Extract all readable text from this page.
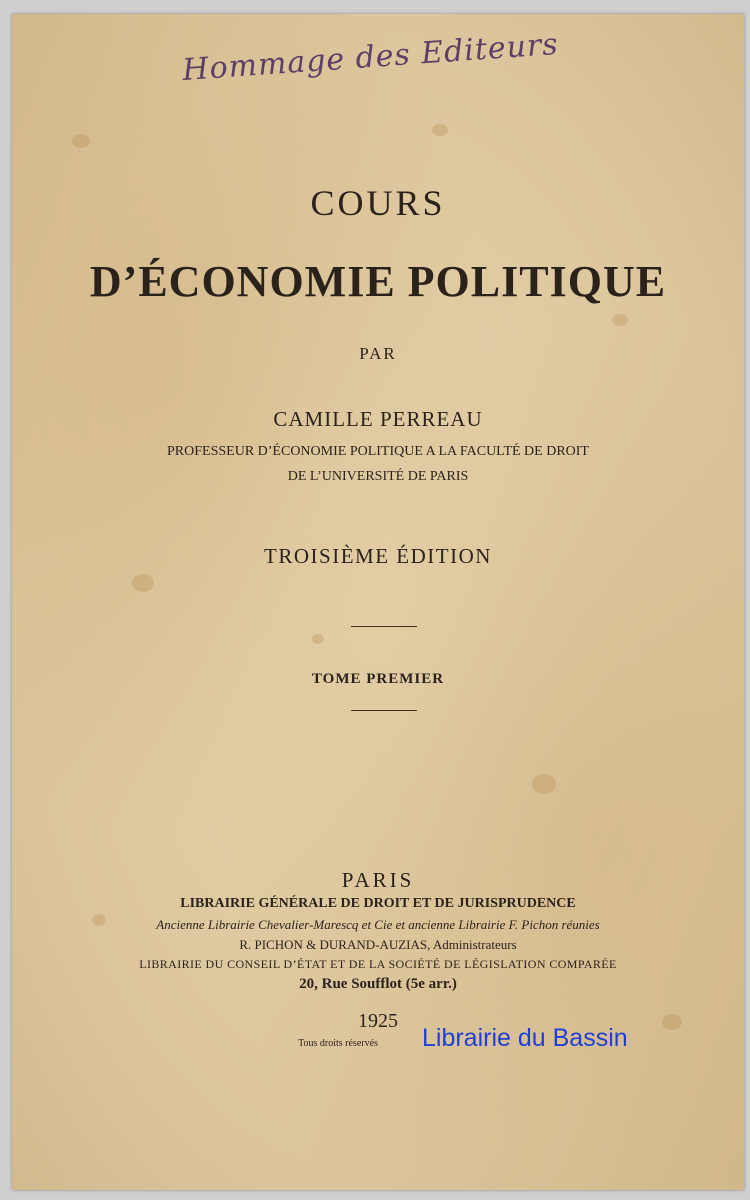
Hommage des Editeurs
COURS
D’ÉCONOMIE POLITIQUE
PAR
CAMILLE PERREAU
PROFESSEUR D’ÉCONOMIE POLITIQUE A LA FACULTÉ DE DROIT
DE L’UNIVERSITÉ DE PARIS
TROISIÈME ÉDITION
TOME PREMIER
PARIS
LIBRAIRIE GÉNÉRALE DE DROIT ET DE JURISPRUDENCE
Ancienne Librairie Chevalier-Marescq et Cie et ancienne Librairie F. Pichon réunies
R. PICHON & DURAND-AUZIAS, Administrateurs
LIBRAIRIE DU CONSEIL D’ÉTAT ET DE LA SOCIÉTÉ DE LÉGISLATION COMPARÉE
20, Rue Soufflot (5e arr.)
1925
Tous droits réservés	Librairie du Bassin
